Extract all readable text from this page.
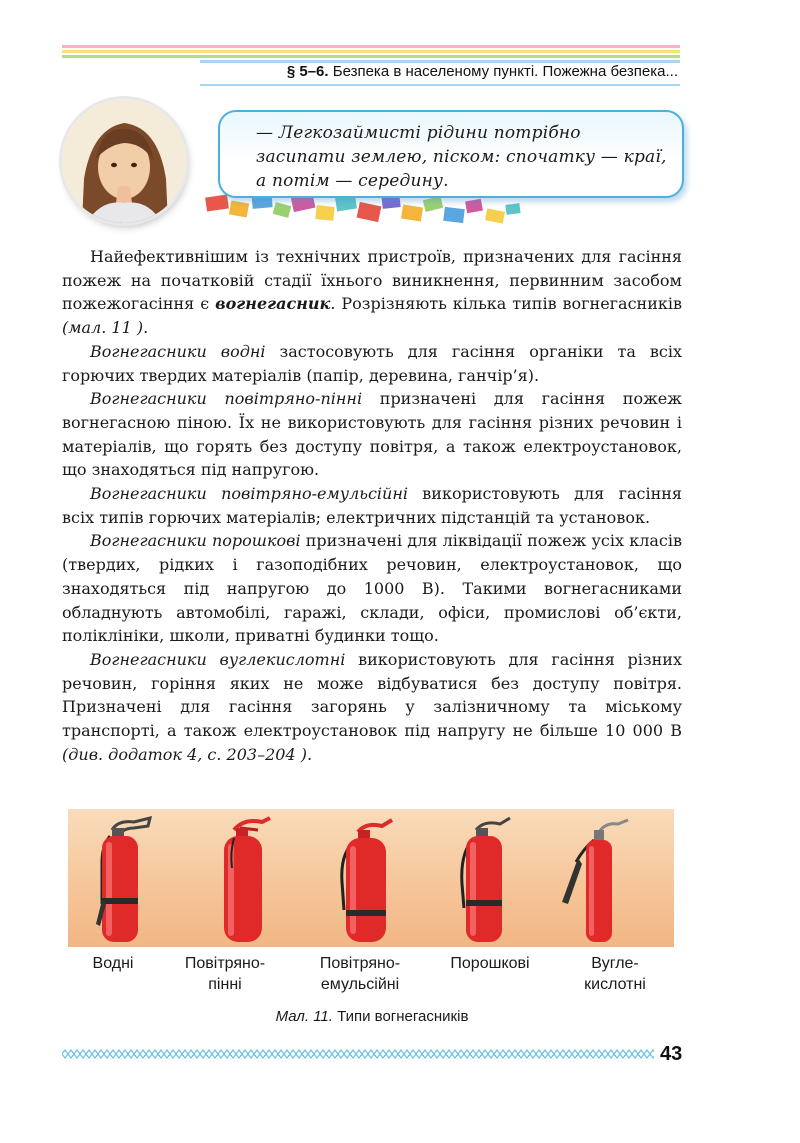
§ 5–6. Безпека в населеному пункті. Пожежна безпека...

— Легкозаймисті рідини потрібно засипати землею, піском: спочатку — краї, а потім — середину.

Найефективнішим із технічних пристроїв, призначених для гасіння пожеж на початковій стадії їхнього виникнення, первинним засобом пожежогасіння є вогнегасник. Розрізняють кілька типів вогнегасників (мал. 11 ).

Вогнегасники водні застосовують для гасіння органіки та всіх горючих твердих матеріалів (папір, деревина, ганчір’я).

Вогнегасники повітряно-пінні призначені для гасіння пожеж вогнегасною піною. Їх не використовують для гасіння різних речовин і матеріалів, що горять без доступу повітря, а також електроустановок, що знаходяться під напругою.

Вогнегасники повітряно-емульсійні використовують для гасіння всіх типів горючих матеріалів; електричних підстанцій та установок.

Вогнегасники порошкові призначені для ліквідації пожеж усіх класів (твердих, рідких і газоподібних речовин, електроустановок, що знаходяться під напругою до 1000 В). Такими вогнегасниками обладнують автомобілі, гаражі, склади, офіси, промислові об’єкти, поліклініки, школи, приватні будинки тощо.

Вогнегасники вуглекислотні використовують для гасіння різних речовин, горіння яких не може відбуватися без доступу повітря. Призначені для гасіння загорянь у залізничному та міському транспорті, а також електроустановок під напругу не більше 10 000 В (див. додаток 4, с. 203–204 ).

Водні	Повітряно-
пінні
Повітряно-
емульсійні
Порошкові	Вугле-
кислотні
Мал. 11. Типи вогнегасників
43
